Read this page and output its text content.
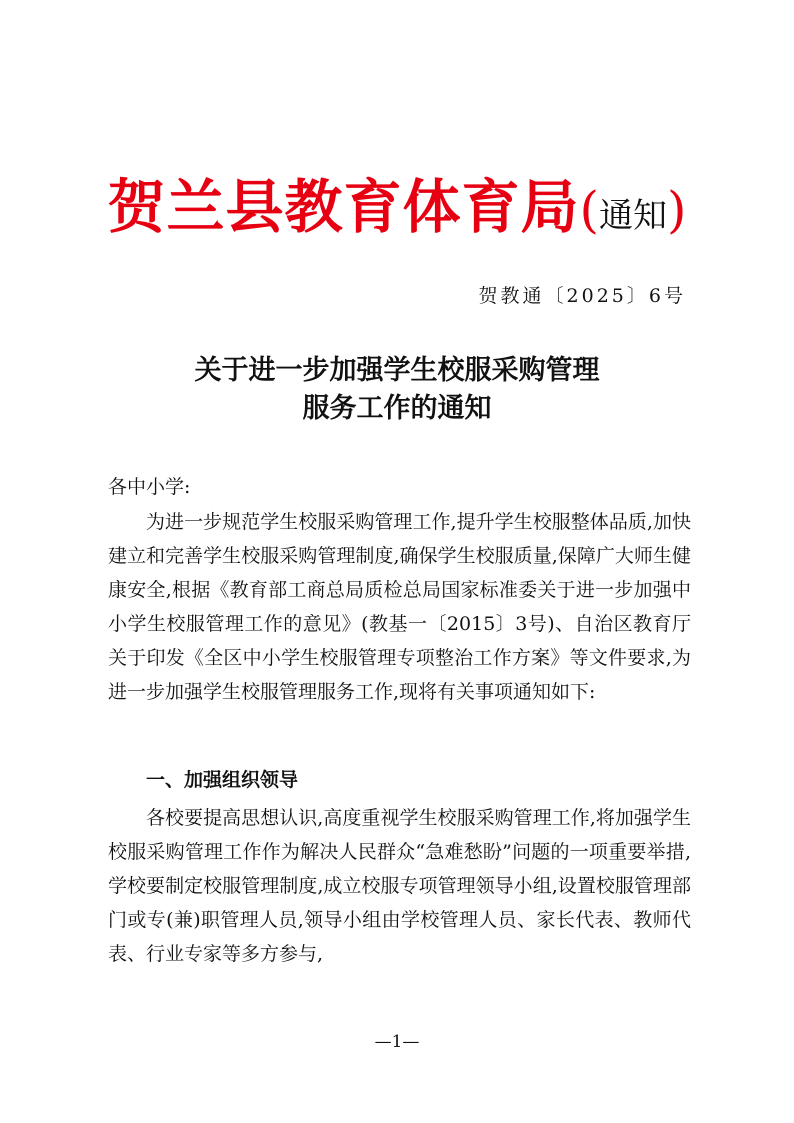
贺兰县教育体育局(通知)
贺教通〔2025〕6号
关于进一步加强学生校服采购管理
服务工作的通知
各中小学:

为进一步规范学生校服采购管理工作,提升学生校服整体品质,加快建立和完善学生校服采购管理制度,确保学生校服质量,保障广大师生健康安全,根据《教育部工商总局质检总局国家标准委关于进一步加强中小学生校服管理工作的意见》(教基一〔2015〕3号)、自治区教育厅关于印发《全区中小学生校服管理专项整治工作方案》等文件要求,为进一步加强学生校服管理服务工作,现将有关事项通知如下:

一、加强组织领导

各校要提高思想认识,高度重视学生校服采购管理工作,将加强学生校服采购管理工作作为解决人民群众“急难愁盼”问题的一项重要举措,学校要制定校服管理制度,成立校服专项管理领导小组,设置校服管理部门或专(兼)职管理人员,领导小组由学校管理人员、家长代表、教师代表、行业专家等多方参与,

—1—
